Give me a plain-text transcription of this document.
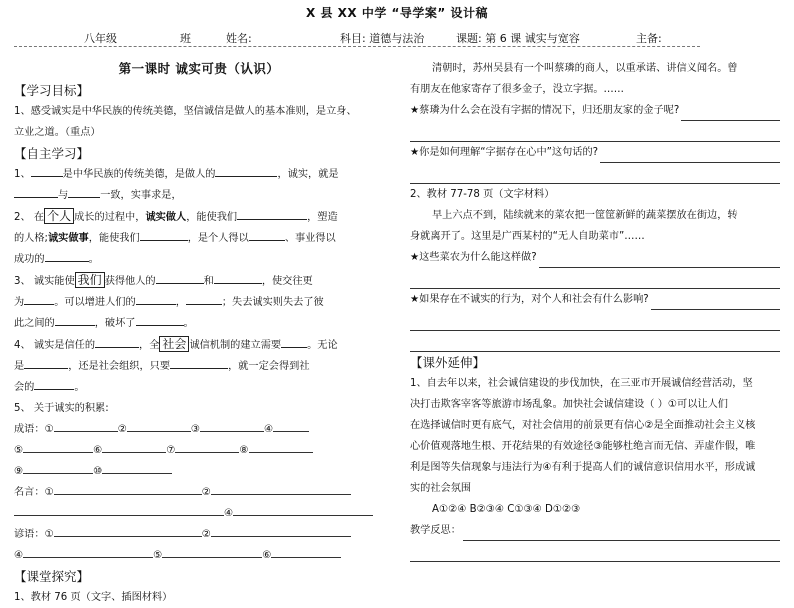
X 县 XX 中学 “导学案” 设计稿
八年级	班	姓名:	科目: 道德与法治	课题: 第 6 课 诚实与宽容	主备:
第一课时 诚实可贵（认识）
【学习目标】
1、感受诚实是中华民族的传统美德，坚信诚信是做人的基本准则，是立身、
立业之道。（重点）
【自主学习】
1、	是中华民族的传统美德，是做人的	，诚实，就是
与	一致，实事求是，
2、 在 个人 成长的过程中，诚实做人，能使我们	，塑造
的人格;诚实做事，能使我们	，是个人得以	、事业得以
成功的	。
3、 诚实能使 我们 获得他人的	和	，使交往更
为	。可以增进人们的	，	；失去诚实则失去了彼
此之间的	，破坏了	。
4、 诚实是信任的	，全 社会 诚信机制的建立需要	。无论
是	，还是社会组织，只要	，就一定会得到社
会的	。
5、 关于诚实的积累:
成语：①	②	③	④
⑤	⑥	⑦	⑧
⑨	⑩
名言：①	②
④
谚语：①	②
④	⑤	⑥
【课堂探究】
1、教材 76 页（文字、插图材料）
清朝时，苏州吴县有一个叫蔡璘的商人，以重承诺、讲信义闻名。曾
有朋友在他家寄存了很多金子，没立字据。……
★蔡璘为什么会在没有字据的情况下，归还朋友家的金子呢?
★你是如何理解“字据存在心中”这句话的?
2、教材 77-78 页（文字材料）
早上六点不到，陆续就来的菜农把一筐筐新鲜的蔬菜摆放在街边，转
身就离开了。这里是广西某村的“无人自助菜市”……
★这些菜农为什么能这样做?
★如果存在不诚实的行为，对个人和社会有什么影响?
【课外延伸】
1、自去年以来，社会诚信建设的步伐加快，在三亚市开展诚信经营活动，坚
决打击欺客宰客等旅游市场乱象。加快社会诚信建设（ ）①可以让人们
在选择诚信时更有底气，对社会信用的前景更有信心②是全面推动社会主义核
心价值观落地生根、开花结果的有效途径③能够杜绝言而无信、弄虚作假，唯
利是图等失信现象与违法行为④有利于提高人们的诚信意识信用水平，形成诚
实的社会氛围
A①②④ B②③④ C①③④ D①②③
教学反思：
